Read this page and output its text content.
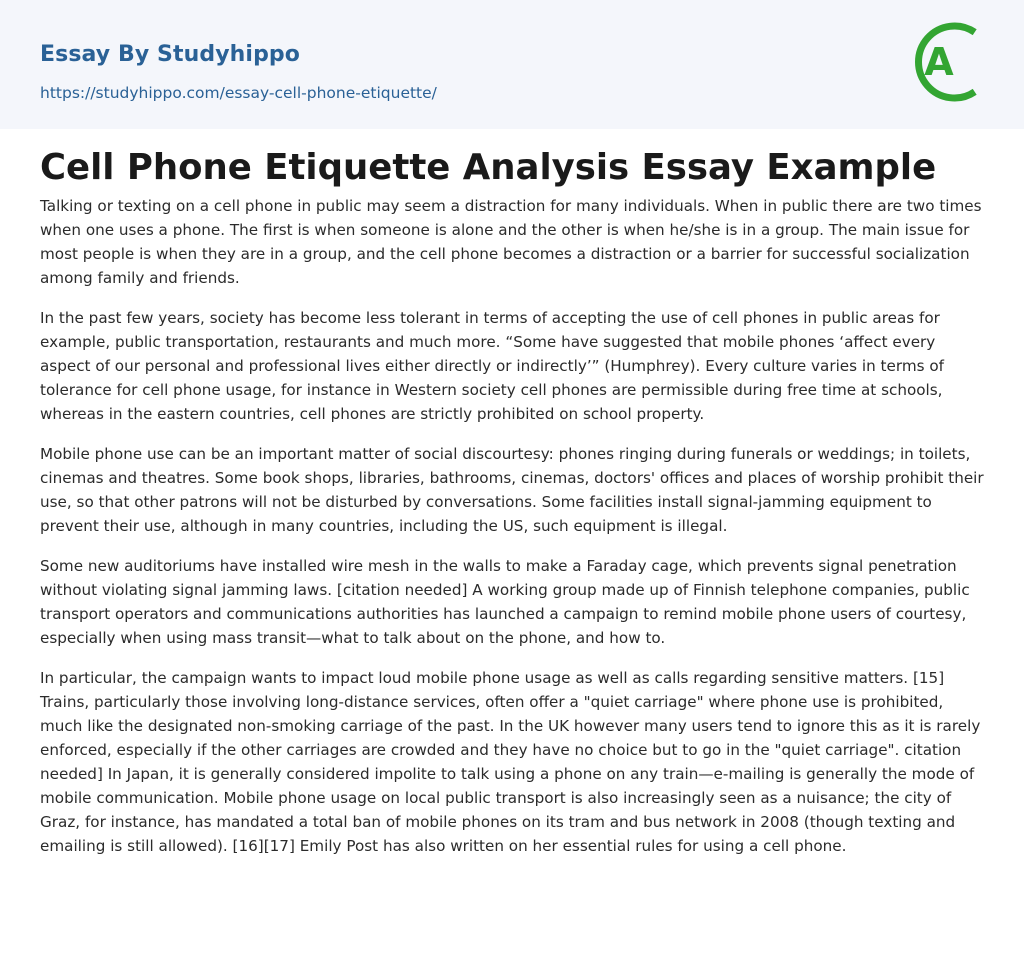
Essay By Studyhippo
https://studyhippo.com/essay-cell-phone-etiquette/
A
Cell Phone Etiquette Analysis Essay Example

Talking or texting on a cell phone in public may seem a distraction for many individuals. When in public there are two times when one uses a phone. The first is when someone is alone and the other is when he/she is in a group. The main issue for most people is when they are in a group, and the cell phone becomes a distraction or a barrier for successful socialization among family and friends.

In the past few years, society has become less tolerant in terms of accepting the use of cell phones in public areas for example, public transportation, restaurants and much more. “Some have suggested that mobile phones ‘affect every aspect of our personal and professional lives either directly or indirectly’” (Humphrey). Every culture varies in terms of tolerance for cell phone usage, for instance in Western society cell phones are permissible during free time at schools, whereas in the eastern countries, cell phones are strictly prohibited on school property.

Mobile phone use can be an important matter of social discourtesy: phones ringing during funerals or weddings; in toilets, cinemas and theatres. Some book shops, libraries, bathrooms, cinemas, doctors' offices and places of worship prohibit their use, so that other patrons will not be disturbed by conversations. Some facilities install signal-jamming equipment to prevent their use, although in many countries, including the US, such equipment is illegal.

Some new auditoriums have installed wire mesh in the walls to make a Faraday cage, which prevents signal penetration without violating signal jamming laws. [citation needed] A working group made up of Finnish telephone companies, public transport operators and communications authorities has launched a campaign to remind mobile phone users of courtesy, especially when using mass transit—what to talk about on the phone, and how to.

In particular, the campaign wants to impact loud mobile phone usage as well as calls regarding sensitive matters. [15] Trains, particularly those involving long-distance services, often offer a "quiet carriage" where phone use is prohibited, much like the designated non-smoking carriage of the past. In the UK however many users tend to ignore this as it is rarely enforced, especially if the other carriages are crowded and they have no choice but to go in the "quiet carriage". citation needed] In Japan, it is generally considered impolite to talk using a phone on any train—e-mailing is generally the mode of mobile communication. Mobile phone usage on local public transport is also increasingly seen as a nuisance; the city of Graz, for instance, has mandated a total ban of mobile phones on its tram and bus network in 2008 (though texting and emailing is still allowed). [16][17] Emily Post has also written on her essential rules for using a cell phone.
